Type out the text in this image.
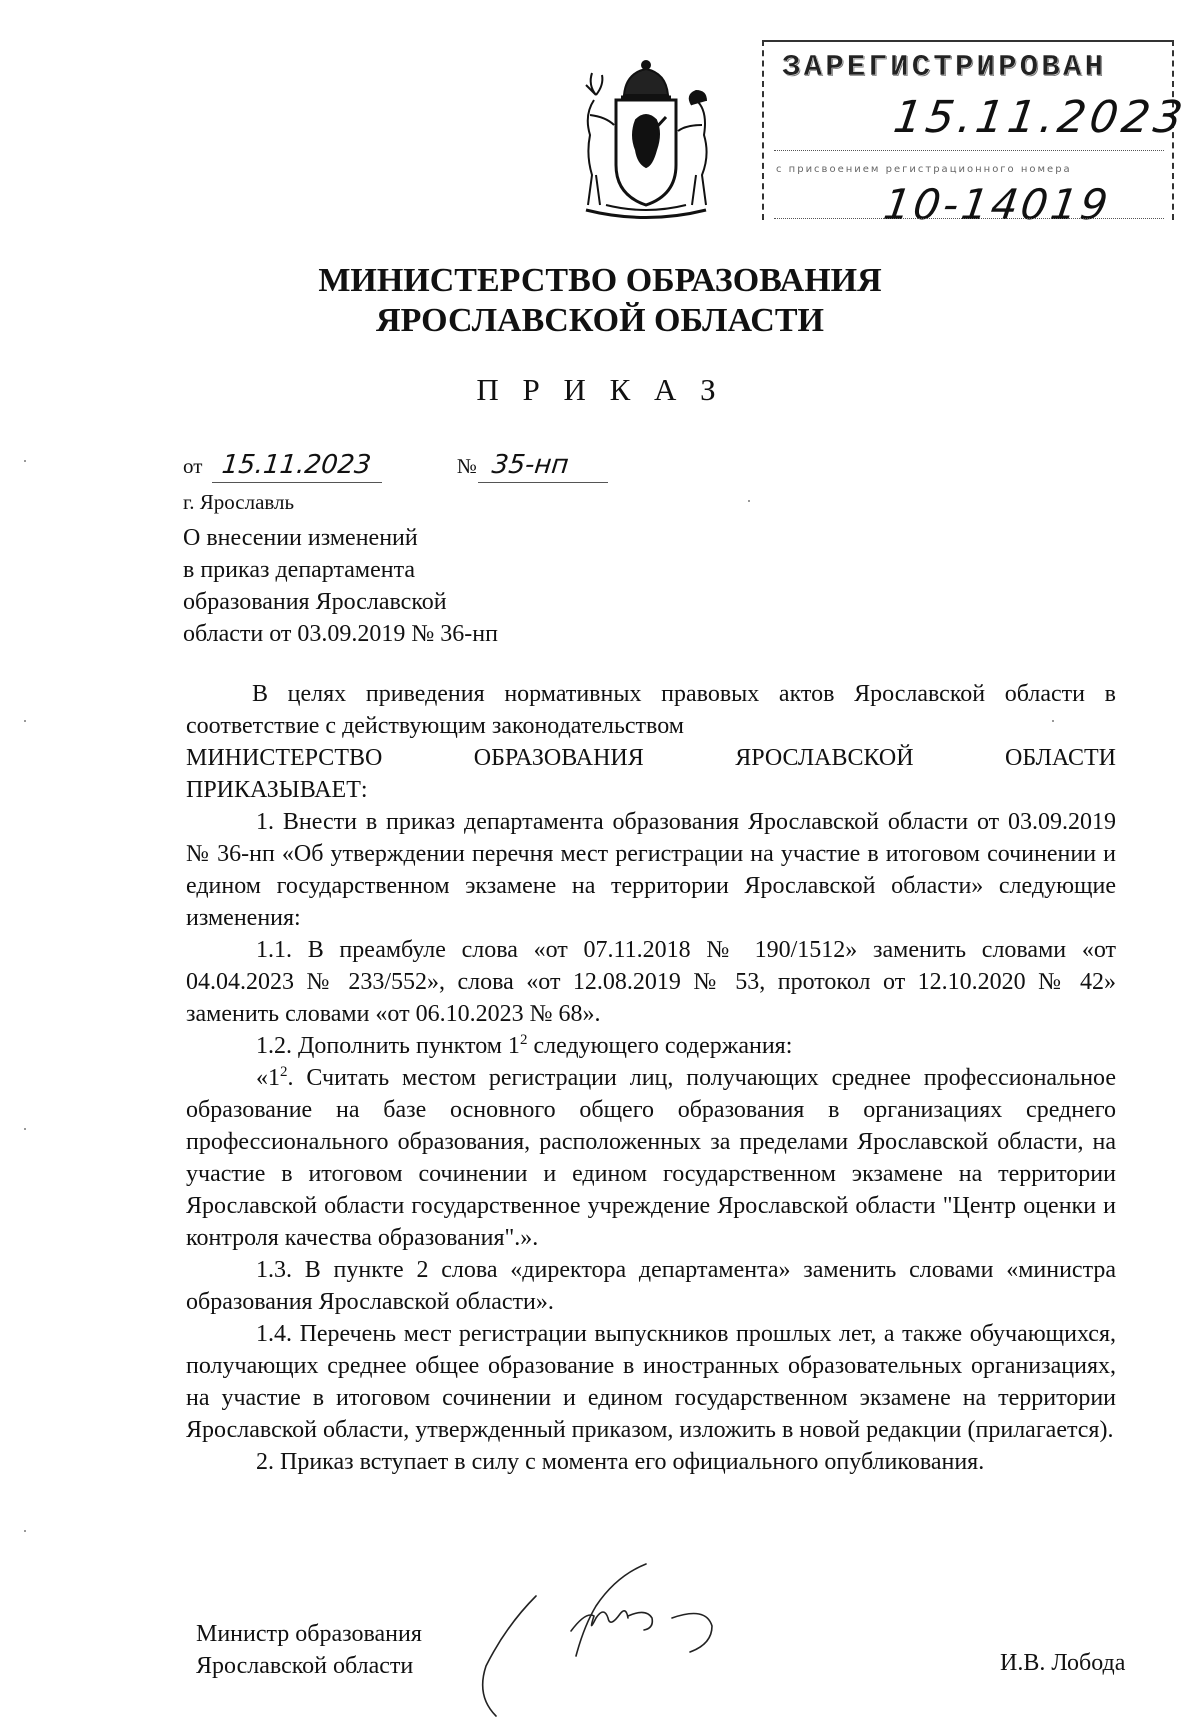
ЗАРЕГИСТРИРОВАН
15.11.2023
с присвоением регистрационного номера
10-14019
МИНИСТЕРСТВО ОБРАЗОВАНИЯ
ЯРОСЛАВСКОЙ ОБЛАСТИ
П Р И К А З
от 15.11.2023	№ 35-нп
г. Ярославль
О внесении изменений
в приказ департамента
образования Ярославской
области от 03.09.2019 № 36-нп

В целях приведения нормативных правовых актов Ярославской области в соответствие с действующим законодательством

МИНИСТЕРСТВО	ОБРАЗОВАНИЯ	ЯРОСЛАВСКОЙ	ОБЛАСТИ

ПРИКАЗЫВАЕТ:

1. Внести в приказ департамента образования Ярославской области от 03.09.2019 № 36-нп «Об утверждении перечня мест регистрации на участие в итоговом сочинении и едином государственном экзамене на территории Ярославской области» следующие изменения:

1.1. В преамбуле слова «от 07.11.2018 № 190/1512» заменить словами «от 04.04.2023 № 233/552», слова «от 12.08.2019 № 53, протокол от 12.10.2020 № 42» заменить словами «от 06.10.2023 № 68».

1.2. Дополнить пунктом $1^2$ следующего содержания:

«$1^2$. Считать местом регистрации лиц, получающих среднее профессиональное образование на базе основного общего образования в организациях среднего профессионального образования, расположенных за пределами Ярославской области, на участие в итоговом сочинении и едином государственном экзамене на территории Ярославской области государственное учреждение Ярославской области "Центр оценки и контроля качества образования".».

1.3. В пункте 2 слова «директора департамента» заменить словами «министра образования Ярославской области».

1.4. Перечень мест регистрации выпускников прошлых лет, а также обучающихся, получающих среднее общее образование в иностранных образовательных организациях, на участие в итоговом сочинении и едином государственном экзамене на территории Ярославской области, утвержденный приказом, изложить в новой редакции (прилагается).

2. Приказ вступает в силу с момента его официального опубликования.

Министр образования
Ярославской области	И.В. Лобода
